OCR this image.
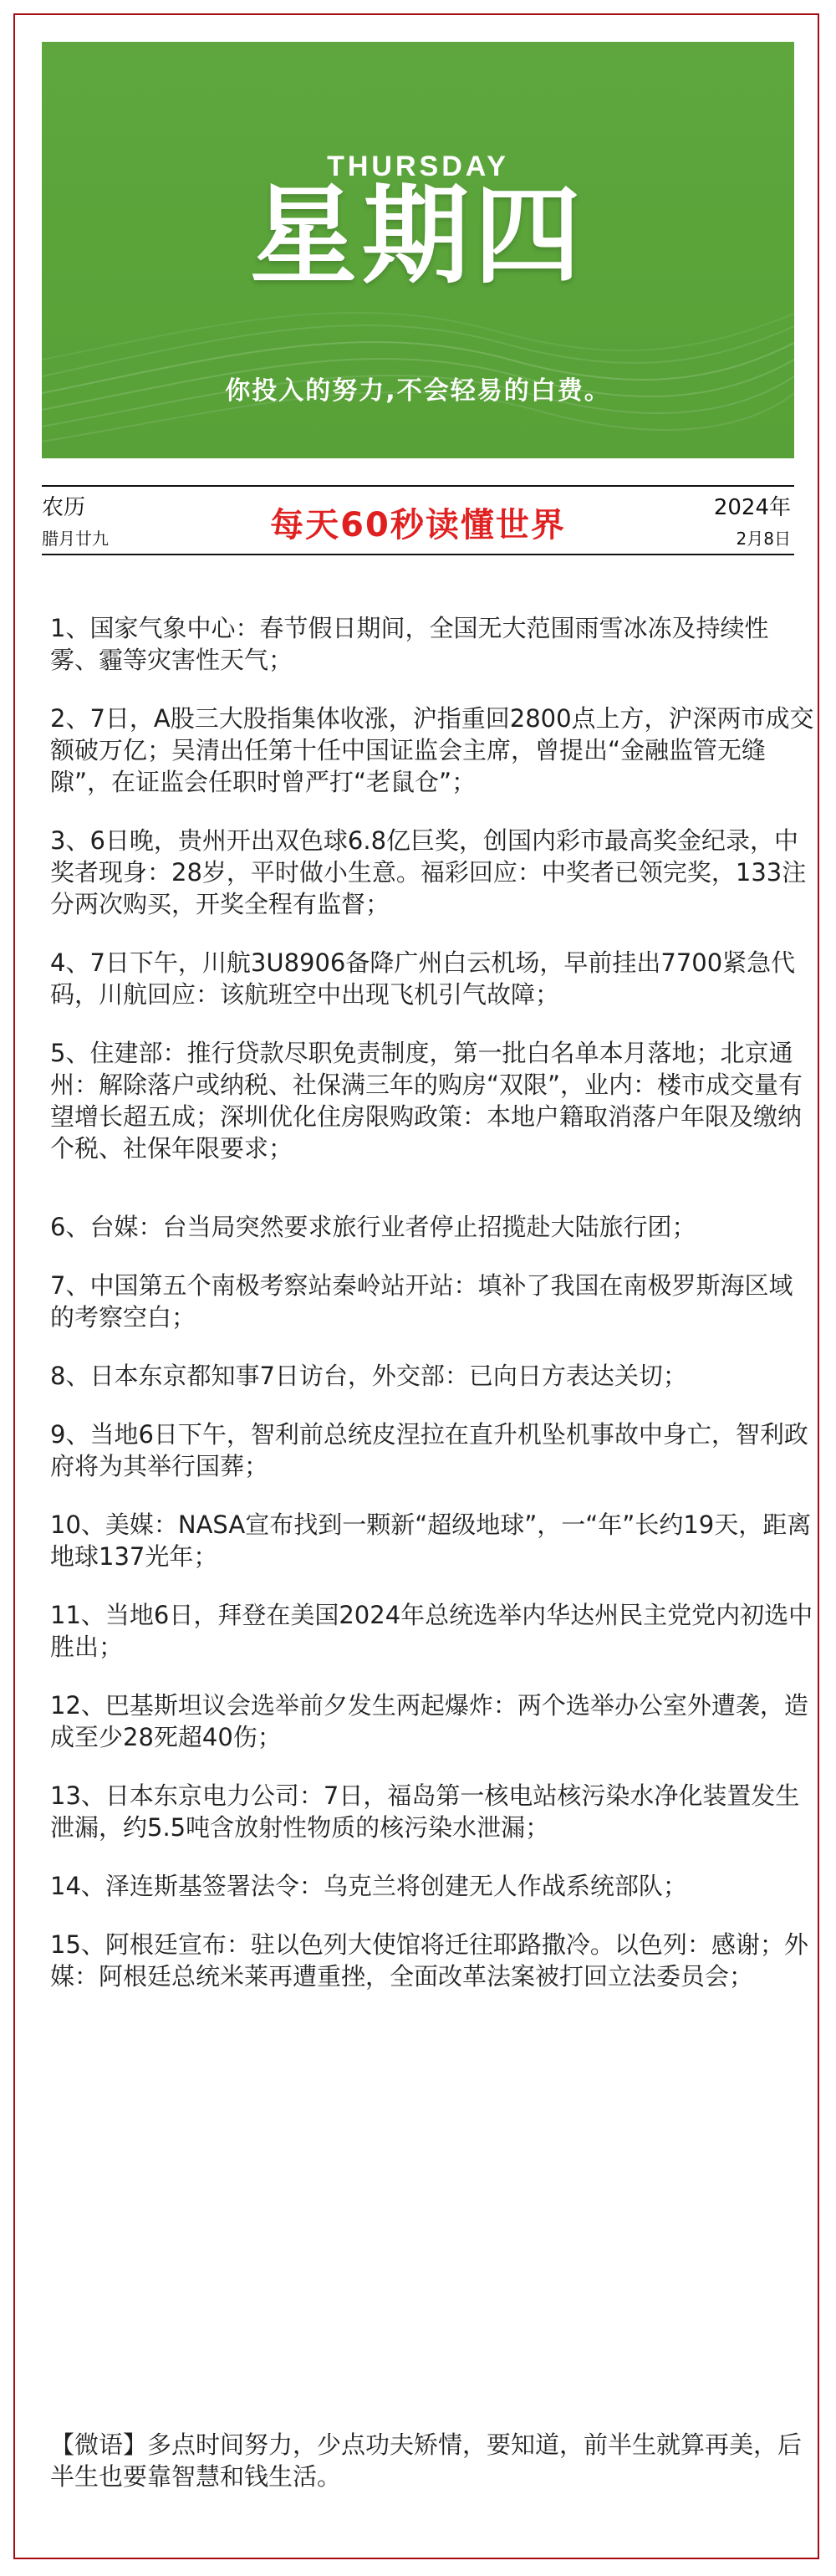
THURSDAY
星期四
你投入的努力,不会轻易的白费。
农历
腊月廿九	每天60秒读懂世界	2024年
2月8日
1、国家气象中心：春节假日期间，全国无大范围雨雪冰冻及持续性雾、霾等灾害性天气；
2、7日，A股三大股指集体收涨，沪指重回2800点上方，沪深两市成交额破万亿；吴清出任第十任中国证监会主席，曾提出“金融监管无缝隙”，在证监会任职时曾严打“老鼠仓”；
3、6日晚，贵州开出双色球6.8亿巨奖，创国内彩市最高奖金纪录，中奖者现身：28岁，平时做小生意。福彩回应：中奖者已领完奖，133注分两次购买，开奖全程有监督；
4、7日下午，川航3U8906备降广州白云机场，早前挂出7700紧急代码，川航回应：该航班空中出现飞机引气故障；
5、住建部：推行贷款尽职免责制度，第一批白名单本月落地；北京通州：解除落户或纳税、社保满三年的购房“双限”，业内：楼市成交量有望增长超五成；深圳优化住房限购政策：本地户籍取消落户年限及缴纳个税、社保年限要求；
6、台媒：台当局突然要求旅行业者停止招揽赴大陆旅行团；
7、中国第五个南极考察站秦岭站开站：填补了我国在南极罗斯海区域的考察空白；
8、日本东京都知事7日访台，外交部：已向日方表达关切；
9、当地6日下午，智利前总统皮涅拉在直升机坠机事故中身亡，智利政府将为其举行国葬；
10、美媒：NASA宣布找到一颗新“超级地球”，一“年”长约19天，距离地球137光年；
11、当地6日，拜登在美国2024年总统选举内华达州民主党党内初选中胜出；
12、巴基斯坦议会选举前夕发生两起爆炸：两个选举办公室外遭袭，造成至少28死超40伤；
13、日本东京电力公司：7日，福岛第一核电站核污染水净化装置发生泄漏，约5.5吨含放射性物质的核污染水泄漏；
14、泽连斯基签署法令：乌克兰将创建无人作战系统部队；
15、阿根廷宣布：驻以色列大使馆将迁往耶路撒冷。以色列：感谢；外媒：阿根廷总统米莱再遭重挫，全面改革法案被打回立法委员会；
【微语】多点时间努力，少点功夫矫情，要知道，前半生就算再美，后半生也要靠智慧和钱生活。
